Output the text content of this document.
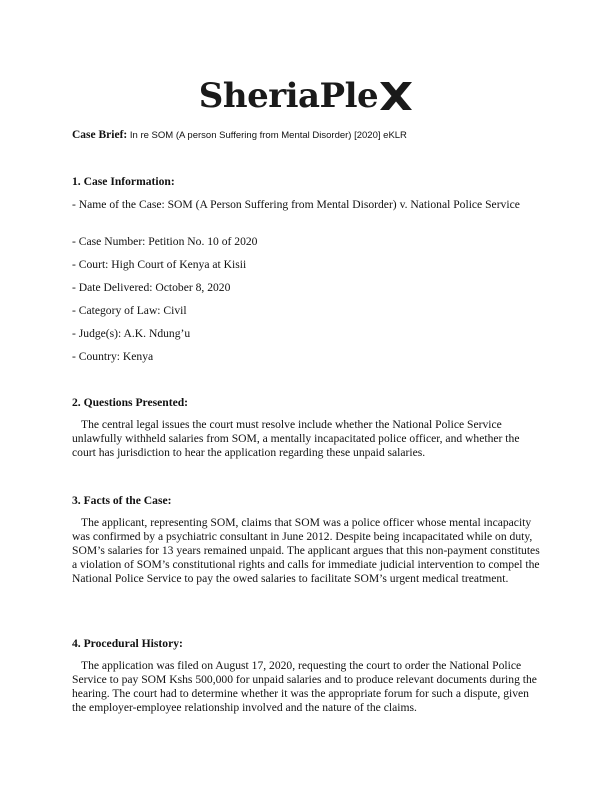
SheriaPle
Case Brief: In re SOM (A person Suffering from Mental Disorder) [2020] eKLR
1. Case Information:
- Name of the Case: SOM (A Person Suffering from Mental Disorder) v. National Police Service
- Case Number: Petition No. 10 of 2020
- Court: High Court of Kenya at Kisii
- Date Delivered: October 8, 2020
- Category of Law: Civil
- Judge(s): A.K. Ndung’u
- Country: Kenya
2. Questions Presented:
The central legal issues the court must resolve include whether the National Police Service unlawfully withheld salaries from SOM, a mentally incapacitated police officer, and whether the court has jurisdiction to hear the application regarding these unpaid salaries.
3. Facts of the Case:
The applicant, representing SOM, claims that SOM was a police officer whose mental incapacity was confirmed by a psychiatric consultant in June 2012. Despite being incapacitated while on duty, SOM’s salaries for 13 years remained unpaid. The applicant argues that this non-payment constitutes a violation of SOM’s constitutional rights and calls for immediate judicial intervention to compel the National Police Service to pay the owed salaries to facilitate SOM’s urgent medical treatment.
4. Procedural History:
The application was filed on August 17, 2020, requesting the court to order the National Police Service to pay SOM Kshs 500,000 for unpaid salaries and to produce relevant documents during the hearing. The court had to determine whether it was the appropriate forum for such a dispute, given the employer-employee relationship involved and the nature of the claims.
